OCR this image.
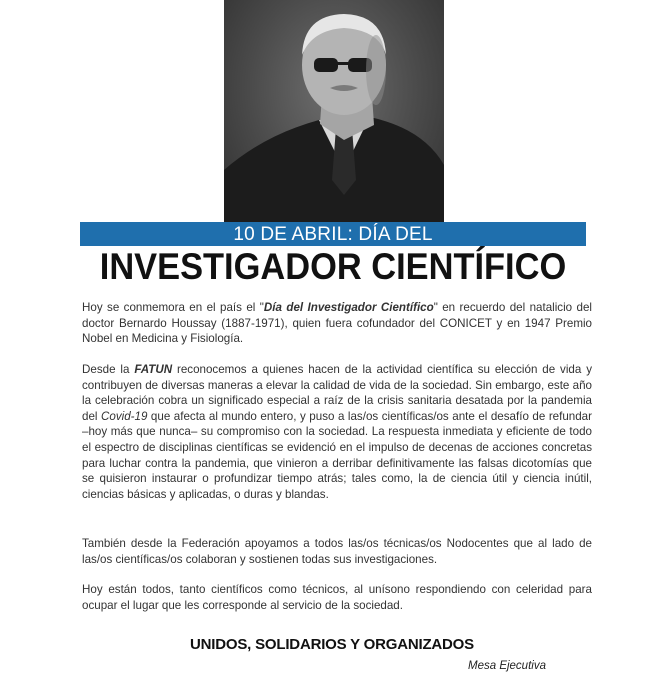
10 DE ABRIL: DÍA DEL
INVESTIGADOR CIENTÍFICO
Hoy se conmemora en el país el "Día del Investigador Científico" en recuerdo del natalicio del doctor Bernardo Houssay (1887-1971), quien fuera cofundador del CONICET y en 1947 Premio Nobel en Medicina y Fisiología.
Desde la FATUN reconocemos a quienes hacen de la actividad científica su elección de vida y contribuyen de diversas maneras a elevar la calidad de vida de la sociedad. Sin embargo, este año la celebración cobra un significado especial a raíz de la crisis sanitaria desatada por la pandemia del Covid-19 que afecta al mundo entero, y puso a las/os científicas/os ante el desafío de refundar –hoy más que nunca– su compromiso con la sociedad. La respuesta inmediata y eficiente de todo el espectro de disciplinas científicas se evidenció en el impulso de decenas de acciones concretas para luchar contra la pandemia, que vinieron a derribar definitivamente las falsas dicotomías que se quisieron instaurar o profundizar tiempo atrás; tales como, la de ciencia útil y ciencia inútil, ciencias básicas y aplicadas, o duras y blandas.
También desde la Federación apoyamos a todos las/os técnicas/os Nodocentes que al lado de las/os científicas/os colaboran y sostienen todas sus investigaciones.
Hoy están todos, tanto científicos como técnicos, al unísono respondiendo con celeridad para ocupar el lugar que les corresponde al servicio de la sociedad.
UNIDOS, SOLIDARIOS Y ORGANIZADOS
Mesa Ejecutiva
